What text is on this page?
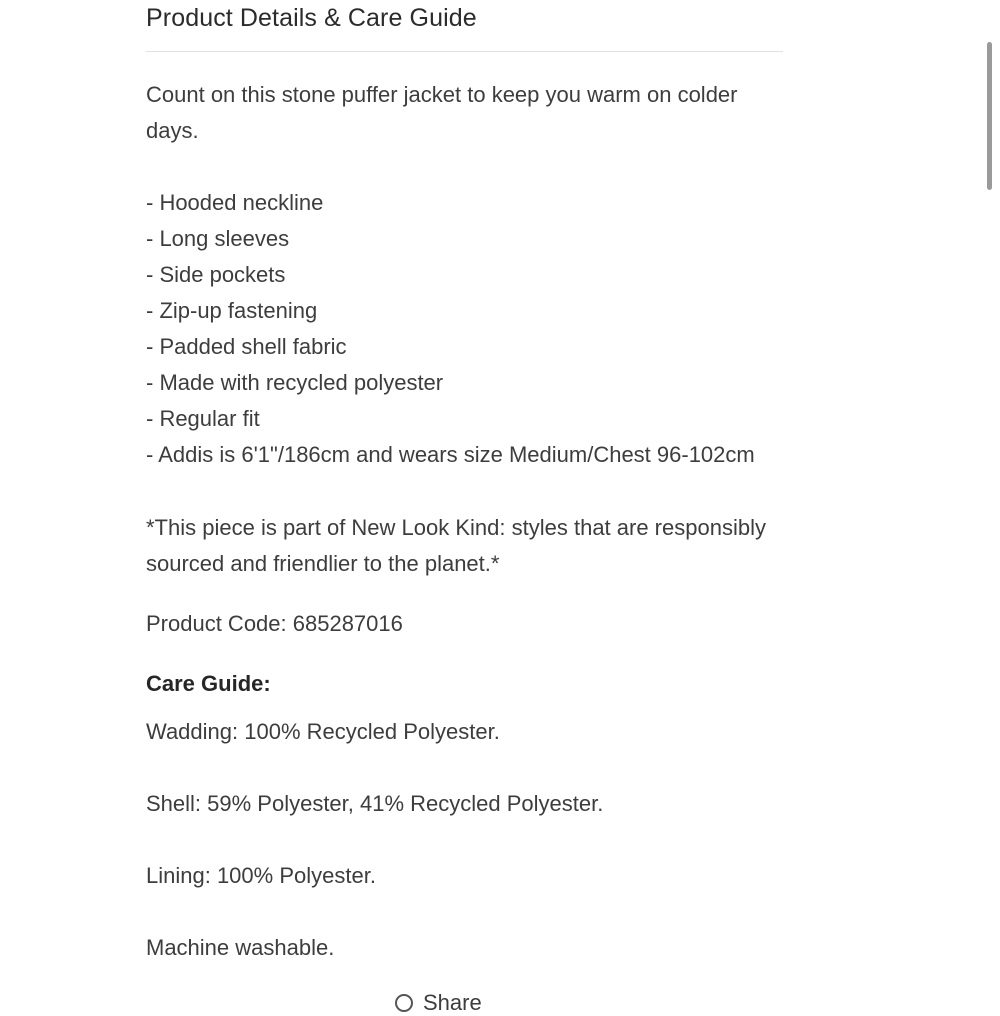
Product Details & Care Guide
Count on this stone puffer jacket to keep you warm on colder
days.
- Hooded neckline
- Long sleeves
- Side pockets
- Zip-up fastening
- Padded shell fabric
- Made with recycled polyester
- Regular fit
- Addis is 6'1"/186cm and wears size Medium/Chest 96-102cm
*This piece is part of New Look Kind: styles that are responsibly
sourced and friendlier to the planet.*
Product Code: 685287016
Care Guide:
Wadding: 100% Recycled Polyester.
Shell: 59% Polyester, 41% Recycled Polyester.
Lining: 100% Polyester.
Machine washable.
Share
